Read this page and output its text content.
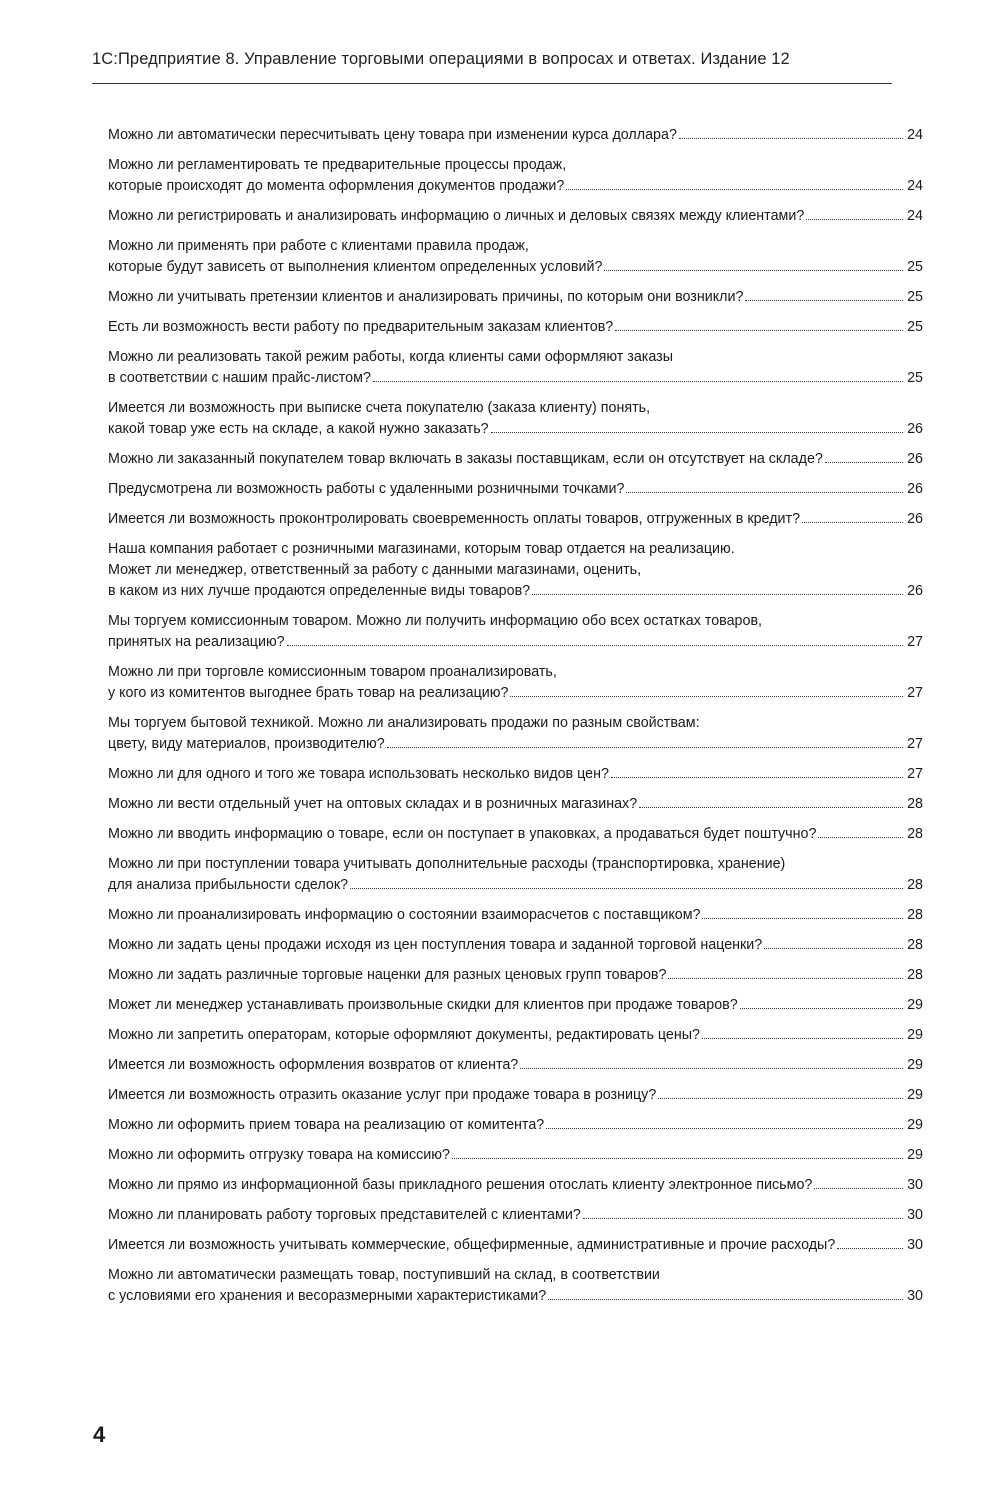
1С:Предприятие 8. Управление торговыми операциями в вопросах и ответах. Издание 12
Можно ли автоматически пересчитывать цену товара при изменении курса доллара?	24
Можно ли регламентировать те предварительные процессы продаж,
которые происходят до момента оформления документов продажи?	24
Можно ли регистрировать и анализировать информацию о личных и деловых связях между клиентами?	24
Можно ли применять при работе с клиентами правила продаж,
которые будут зависеть от выполнения клиентом определенных условий?	25
Можно ли учитывать претензии клиентов и анализировать причины, по которым они возникли?	25
Есть ли возможность вести работу по предварительным заказам клиентов?	25
Можно ли реализовать такой режим работы, когда клиенты сами оформляют заказы
в соответствии с нашим прайс-листом?	25
Имеется ли возможность при выписке счета покупателю (заказа клиенту) понять,
какой товар уже есть на складе, а какой нужно заказать?	26
Можно ли заказанный покупателем товар включать в заказы поставщикам, если он отсутствует на складе?	26
Предусмотрена ли возможность работы с удаленными розничными точками?	26
Имеется ли возможность проконтролировать своевременность оплаты товаров, отгруженных в кредит?	26
Наша компания работает с розничными магазинами, которым товар отдается на реализацию.
Может ли менеджер, ответственный за работу с данными магазинами, оценить,
в каком из них лучше продаются определенные виды товаров?	26
Мы торгуем комиссионным товаром. Можно ли получить информацию обо всех остатках товаров,
принятых на реализацию?	27
Можно ли при торговле комиссионным товаром проанализировать,
у кого из комитентов выгоднее брать товар на реализацию?	27
Мы торгуем бытовой техникой. Можно ли анализировать продажи по разным свойствам:
цвету, виду материалов, производителю?	27
Можно ли для одного и того же товара использовать несколько видов цен?	27
Можно ли вести отдельный учет на оптовых складах и в розничных магазинах?	28
Можно ли вводить информацию о товаре, если он поступает в упаковках, а продаваться будет поштучно?	28
Можно ли при поступлении товара учитывать дополнительные расходы (транспортировка, хранение)
для анализа прибыльности сделок?	28
Можно ли проанализировать информацию о состоянии взаиморасчетов с поставщиком?	28
Можно ли задать цены продажи исходя из цен поступления товара и заданной торговой наценки?	28
Можно ли задать различные торговые наценки для разных ценовых групп товаров?	28
Может ли менеджер устанавливать произвольные скидки для клиентов при продаже товаров?	29
Можно ли запретить операторам, которые оформляют документы, редактировать цены?	29
Имеется ли возможность оформления возвратов от клиента?	29
Имеется ли возможность отразить оказание услуг при продаже товара в розницу?	29
Можно ли оформить прием товара на реализацию от комитента?	29
Можно ли оформить отгрузку товара на комиссию?	29
Можно ли прямо из информационной базы прикладного решения отослать клиенту электронное письмо?	30
Можно ли планировать работу торговых представителей с клиентами?	30
Имеется ли возможность учитывать коммерческие, общефирменные, административные и прочие расходы?	30
Можно ли автоматически размещать товар, поступивший на склад, в соответствии
с условиями его хранения и весоразмерными характеристиками?	30
4
